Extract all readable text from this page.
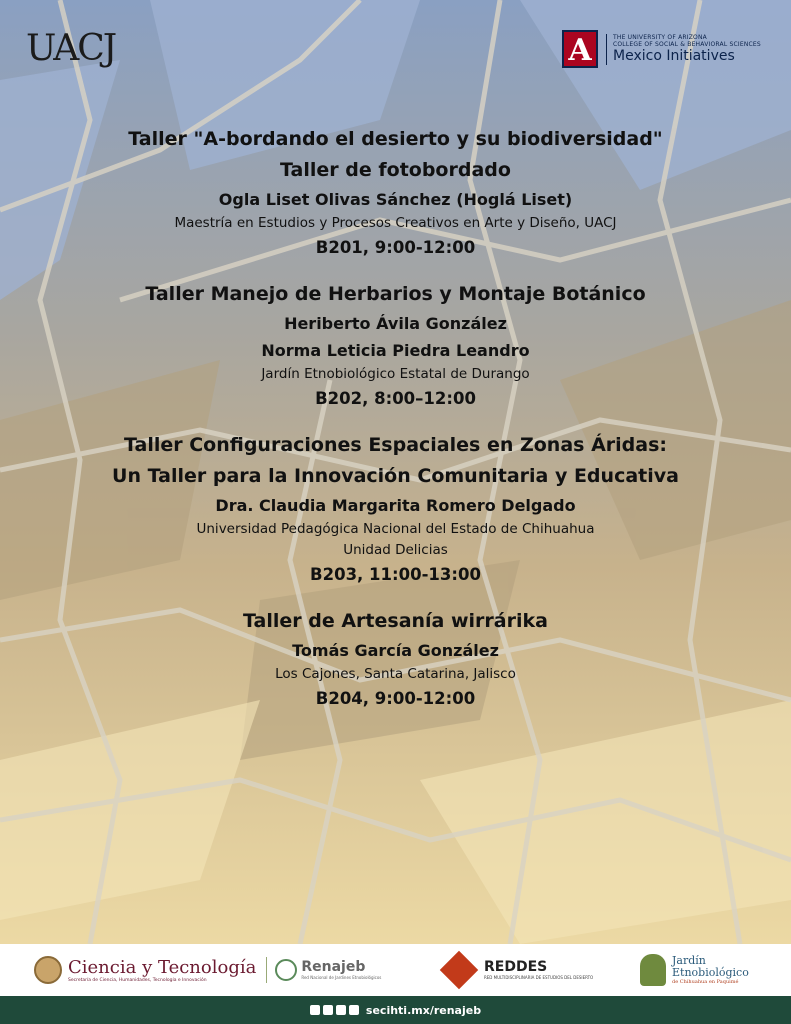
UACJ	A	THE UNIVERSITY OF ARIZONA
COLLEGE OF SOCIAL & BEHAVIORAL SCIENCES
Mexico Initiatives
Taller "A-bordando el desierto y su biodiversidad"
Taller de fotobordado
Ogla Liset Olivas Sánchez (Hoglá Liset)
Maestría en Estudios y Procesos Creativos en Arte y Diseño, UACJ
B201, 9:00-12:00
Taller Manejo de Herbarios y Montaje Botánico
Heriberto Ávila González
Norma Leticia Piedra Leandro
Jardín Etnobiológico Estatal de Durango
B202, 8:00–12:00
Taller Configuraciones Espaciales en Zonas Áridas:
Un Taller para la Innovación Comunitaria y Educativa
Dra. Claudia Margarita Romero Delgado
Universidad Pedagógica Nacional del Estado de Chihuahua
Unidad Delicias
B203, 11:00-13:00
Taller de Artesanía wirrárika
Tomás García González
Los Cajones, Santa Catarina, Jalisco
B204, 9:00-12:00
Ciencia y Tecnología
Secretaría de Ciencia, Humanidades, Tecnología e Innovación
Renajeb
Red Nacional de Jardines Etnobiológicos
REDDES
RED MULTIDISCIPLINARIA DE ESTUDIOS DEL DESIERTO
Jardín
Etnobiológico
de Chihuahua en Paquimé
secihti.mx/renajeb
